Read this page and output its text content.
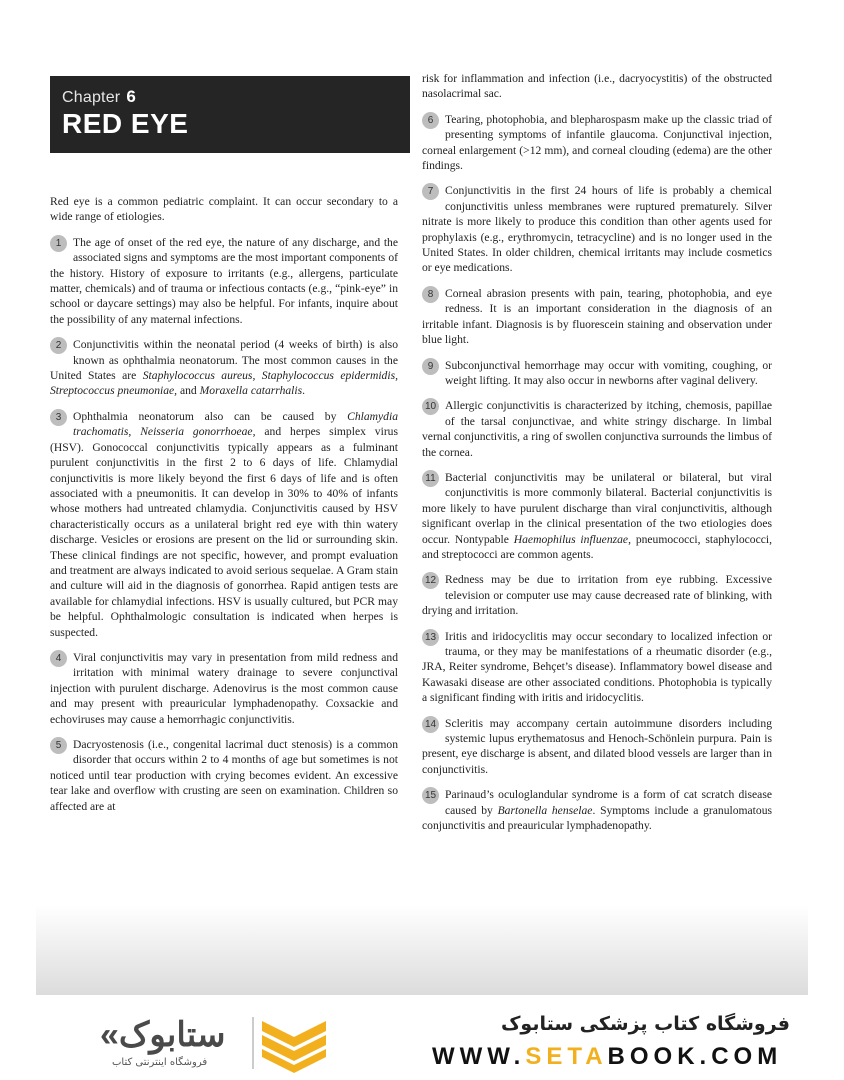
Chapter 6
RED EYE

Red eye is a common pediatric complaint. It can occur secondary to a wide range of etiologies.

1	The age of onset of the red eye, the nature of any discharge, and the associated signs and symptoms are the most important components of the history. History of exposure to irritants (e.g., allergens, particulate matter, chemicals) and of trauma or infectious contacts (e.g., “pink-eye” in school or daycare settings) may also be helpful. For infants, inquire about the possibility of any maternal infections.

2	Conjunctivitis within the neonatal period (4 weeks of birth) is also known as ophthalmia neonatorum. The most common causes in the United States are Staphylococcus aureus, Staphylococcus epidermidis, Streptococcus pneumoniae, and Moraxella catarrhalis.

3	Ophthalmia neonatorum also can be caused by Chlamydia trachomatis, Neisseria gonorrhoeae, and herpes simplex virus (HSV). Gonococcal conjunctivitis typically appears as a fulminant purulent conjunctivitis in the first 2 to 6 days of life. Chlamydial conjunctivitis is more likely beyond the first 6 days of life and is often associated with a pneumonitis. It can develop in 30% to 40% of infants whose mothers had untreated chlamydia. Conjunctivitis caused by HSV characteristically occurs as a unilateral bright red eye with thin watery discharge. Vesicles or erosions are present on the lid or surrounding skin. These clinical findings are not specific, however, and prompt evaluation and treatment are always indicated to avoid serious sequelae. A Gram stain and culture will aid in the diagnosis of gonorrhea. Rapid antigen tests are available for chlamydial infections. HSV is usually cultured, but PCR may be helpful. Ophthalmologic consultation is indicated when herpes is suspected.

4	Viral conjunctivitis may vary in presentation from mild redness and irritation with minimal watery drainage to severe conjunctival injection with purulent discharge. Adenovirus is the most common cause and may present with preauricular lymphadenopathy. Coxsackie and echoviruses may cause a hemorrhagic conjunctivitis.

5	Dacryostenosis (i.e., congenital lacrimal duct stenosis) is a common disorder that occurs within 2 to 4 months of age but sometimes is not noticed until tear production with crying becomes evident. An excessive tear lake and overflow with crusting are seen on examination. Children so affected are at

risk for inflammation and infection (i.e., dacryocystitis) of the obstructed nasolacrimal sac.

6	Tearing, photophobia, and blepharospasm make up the classic triad of presenting symptoms of infantile glaucoma. Conjunctival injection, corneal enlargement (>12 mm), and corneal clouding (edema) are the other findings.

7	Conjunctivitis in the first 24 hours of life is probably a chemical conjunctivitis unless membranes were ruptured prematurely. Silver nitrate is more likely to produce this condition than other agents used for prophylaxis (e.g., erythromycin, tetracycline) and is no longer used in the United States. In older children, chemical irritants may include cosmetics or eye medications.

8	Corneal abrasion presents with pain, tearing, photophobia, and eye redness. It is an important consideration in the diagnosis of an irritable infant. Diagnosis is by fluorescein staining and observation under blue light.

9	Subconjunctival hemorrhage may occur with vomiting, coughing, or weight lifting. It may also occur in newborns after vaginal delivery.

10 Allergic conjunctivitis is characterized by itching, chemosis, papillae of the tarsal conjunctivae, and white stringy discharge. In limbal vernal conjunctivitis, a ring of swollen conjunctiva surrounds the limbus of the cornea.

11 Bacterial conjunctivitis may be unilateral or bilateral, but viral conjunctivitis is more commonly bilateral. Bacterial conjunctivitis is more likely to have purulent discharge than viral conjunctivitis, although significant overlap in the clinical presentation of the two etiologies does occur. Nontypable Haemophilus influenzae, pneumococci, staphylococci, and streptococci are common agents.

12 Redness may be due to irritation from eye rubbing. Excessive television or computer use may cause decreased rate of blinking, with drying and irritation.

13 Iritis and iridocyclitis may occur secondary to localized infection or trauma, or they may be manifestations of a rheumatic disorder (e.g., JRA, Reiter syndrome, Behçet’s disease). Inflammatory bowel disease and Kawasaki disease are other associated conditions. Photophobia is typically a significant finding with iritis and iridocyclitis.

14 Scleritis may accompany certain autoimmune disorders including systemic lupus erythematosus and Henoch-Schönlein purpura. Pain is present, eye discharge is absent, and dilated blood vessels are larger than in conjunctivitis.

15 Parinaud’s oculoglandular syndrome is a form of cat scratch disease caused by Bartonella henselae. Symptoms include a granulomatous conjunctivitis and preauricular lymphadenopathy.

«ستابوک
فروشگاه اینترنتی کتاب
فروشگاه کتاب پزشکی ستابوک
WWW.SETABOOK.COM
